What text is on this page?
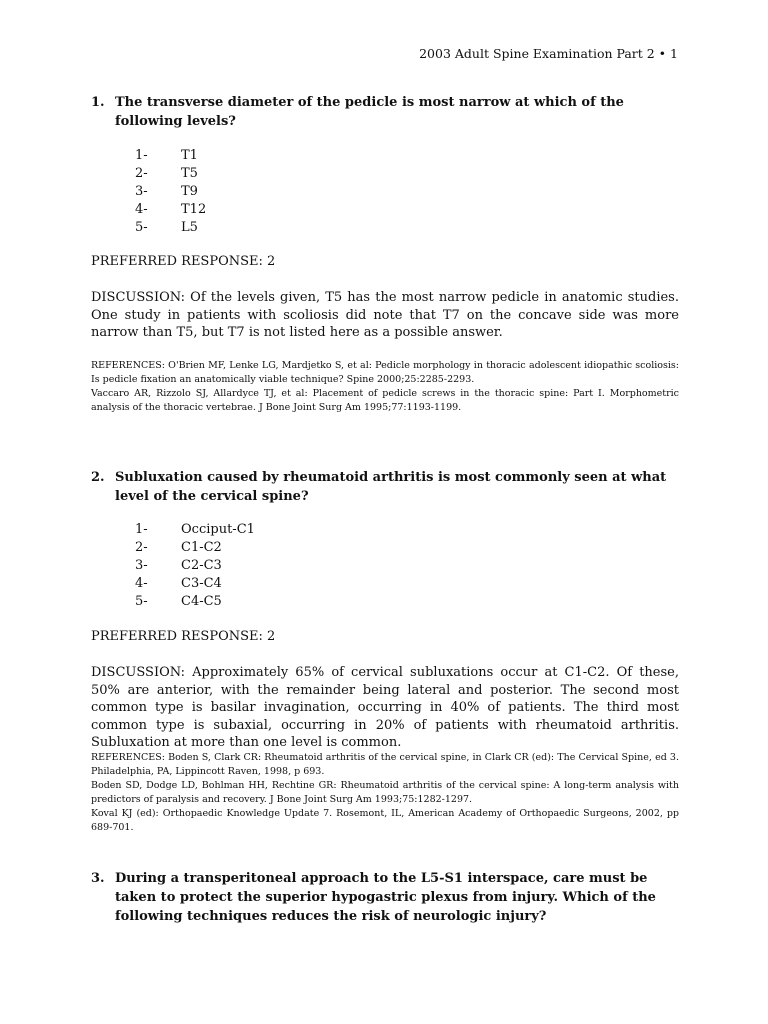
2003 Adult Spine Examination Part 2 • 1
1. The transverse diameter of the pedicle is most narrow at which of the following levels?
1-	T1
2-	T5
3-	T9
4-	T12
5-	L5
PREFERRED RESPONSE: 2
DISCUSSION: Of the levels given, T5 has the most narrow pedicle in anatomic studies. One study in patients with scoliosis did note that T7 on the concave side was more narrow than T5, but T7 is not listed here as a possible answer.
REFERENCES: O'Brien MF, Lenke LG, Mardjetko S, et al: Pedicle morphology in thoracic adolescent idiopathic scoliosis: Is pedicle fixation an anatomically viable technique? Spine 2000;25:2285-2293.
Vaccaro AR, Rizzolo SJ, Allardyce TJ, et al: Placement of pedicle screws in the thoracic spine: Part I. Morphometric analysis of the thoracic vertebrae. J Bone Joint Surg Am 1995;77:1193-1199.
2. Subluxation caused by rheumatoid arthritis is most commonly seen at what level of the cervical spine?
1-	Occiput-C1
2-	C1-C2
3-	C2-C3
4-	C3-C4
5-	C4-C5
PREFERRED RESPONSE: 2
DISCUSSION: Approximately 65% of cervical subluxations occur at C1-C2. Of these, 50% are anterior, with the remainder being lateral and posterior. The second most common type is basilar invagination, occurring in 40% of patients. The third most common type is subaxial, occurring in 20% of patients with rheumatoid arthritis. Subluxation at more than one level is common.
REFERENCES: Boden S, Clark CR: Rheumatoid arthritis of the cervical spine, in Clark CR (ed): The Cervical Spine, ed 3. Philadelphia, PA, Lippincott Raven, 1998, p 693.
Boden SD, Dodge LD, Bohlman HH, Rechtine GR: Rheumatoid arthritis of the cervical spine: A long-term analysis with predictors of paralysis and recovery. J Bone Joint Surg Am 1993;75:1282-1297.
Koval KJ (ed): Orthopaedic Knowledge Update 7. Rosemont, IL, American Academy of Orthopaedic Surgeons, 2002, pp 689-701.
3. During a transperitoneal approach to the L5-S1 interspace, care must be taken to protect the superior hypogastric plexus from injury. Which of the following techniques reduces the risk of neurologic injury?
